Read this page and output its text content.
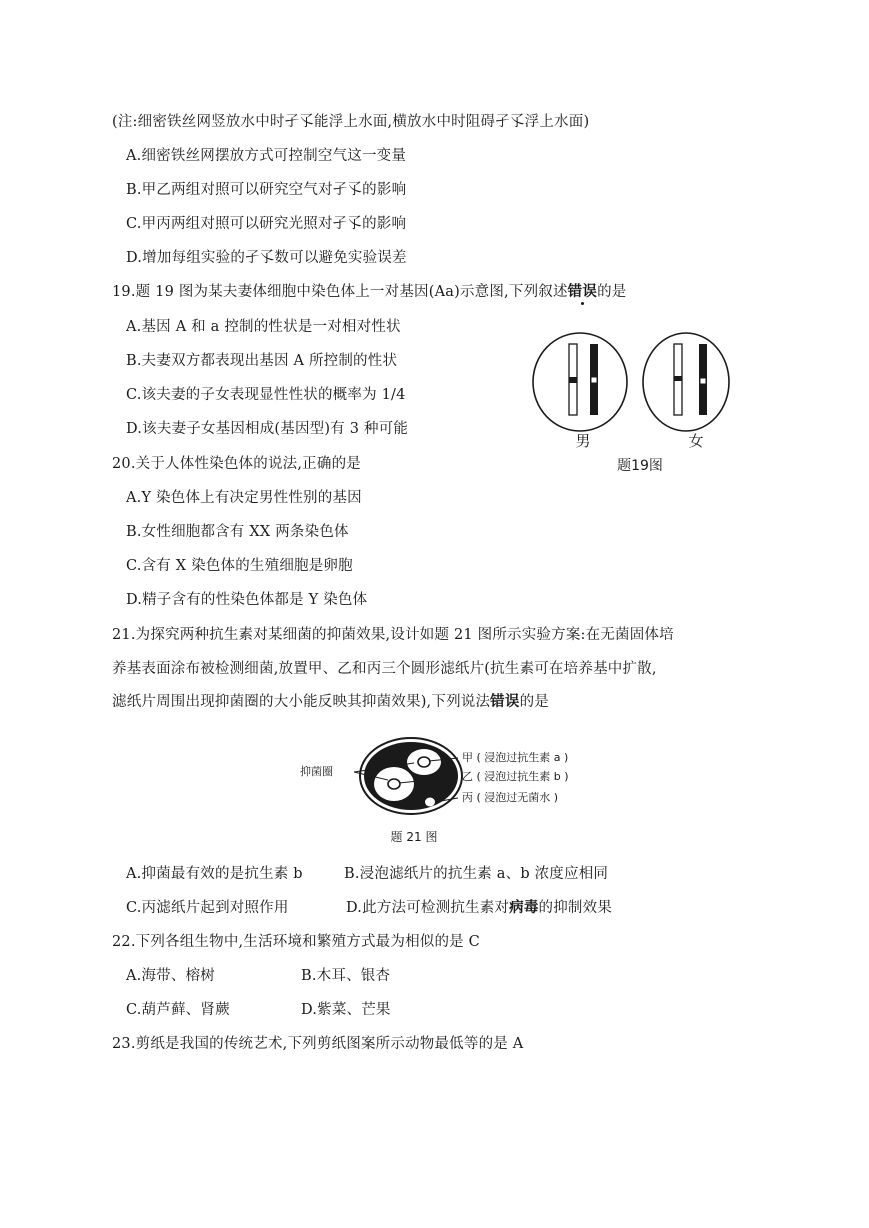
(注:细密铁丝网竖放水中时孑孓能浮上水面,横放水中时阻碍孑孓浮上水面)
A.细密铁丝网摆放方式可控制空气这一变量
B.甲乙两组对照可以研究空气对孑孓的影响
C.甲丙两组对照可以研究光照对孑孓的影响
D.增加每组实验的孑孓数可以避免实验误差
19.题 19 图为某夫妻体细胞中染色体上一对基因(Aa)示意图,下列叙述错误的是
A.基因 A 和 a 控制的性状是一对相对性状
B.夫妻双方都表现出基因 A 所控制的性状
C.该夫妻的子女表现显性性状的概率为 1/4
D.该夫妻子女基因相成(基因型)有 3 种可能
男	女
题19图
20.关于人体性染色体的说法,正确的是
A.Y 染色体上有决定男性性别的基因
B.女性细胞都含有 XX 两条染色体
C.含有 X 染色体的生殖细胞是卵胞
D.精子含有的性染色体都是 Y 染色体
21.为探究两种抗生素对某细菌的抑菌效果,设计如题 21 图所示实验方案:在无菌固体培
养基表面涂布被检测细菌,放置甲、乙和丙三个圆形滤纸片(抗生素可在培养基中扩散,
滤纸片周围出现抑菌圈的大小能反映其抑菌效果),下列说法错误的是
抑菌圈
甲 ( 浸泡过抗生素 a )
乙 ( 浸泡过抗生素 b )
丙 ( 浸泡过无菌水 )
题 21 图
A.抑菌最有效的是抗生素 b	B.浸泡滤纸片的抗生素 a、b 浓度应相同
C.丙滤纸片起到对照作用	D.此方法可检测抗生素对病毒的抑制效果
22.下列各组生物中,生活环境和繁殖方式最为相似的是 C
A.海带、榕树	B.木耳、银杏
C.葫芦藓、肾蕨	D.紫菜、芒果
23.剪纸是我国的传统艺术,下列剪纸图案所示动物最低等的是 A
